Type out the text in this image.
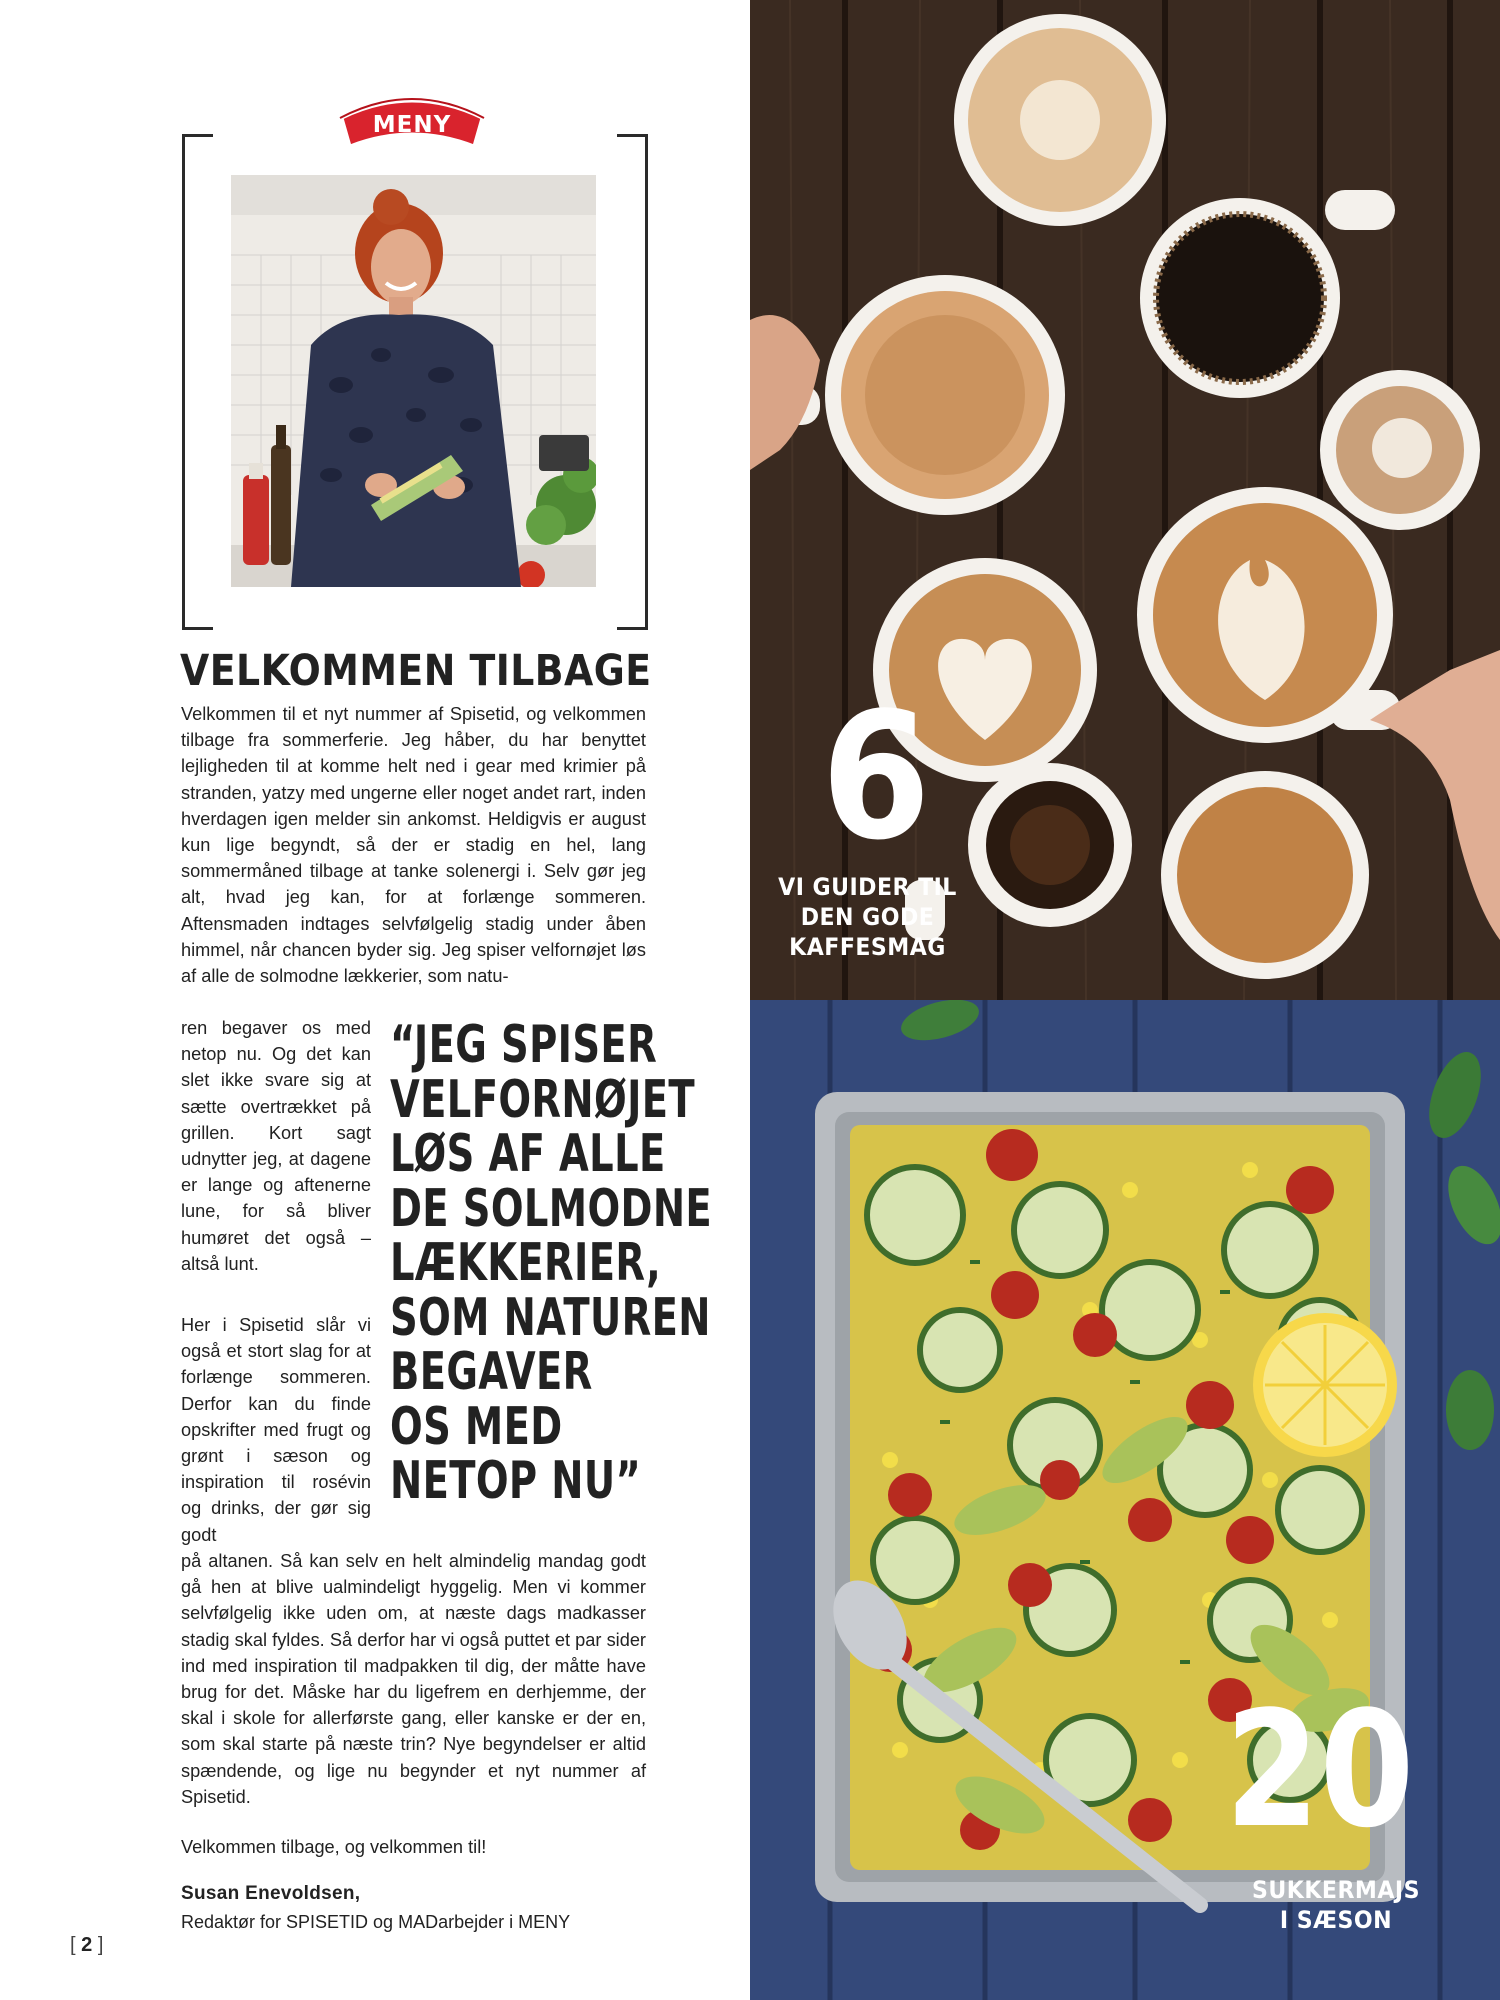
MENY
VELKOMMEN TILBAGE

Velkommen til et nyt nummer af Spisetid, og velkommen tilbage fra sommerferie. Jeg håber, du har benyttet lejligheden til at komme helt ned i gear med krimier på stranden, yatzy med ungerne eller noget andet rart, inden hverdagen igen melder sin ankomst. Heldigvis er august kun lige begyndt, så der er stadig en hel, lang sommermåned tilbage at tanke solenergi i. Selv gør jeg alt, hvad jeg kan, for at forlænge sommeren. Aftensmaden indtages selvfølgelig stadig under åben himmel, når chancen byder sig. Jeg spiser velfornøjet løs af alle de solmodne lækkerier, som natu-

ren begaver os med netop nu. Og det kan slet ikke svare sig at sætte overtrækket på grillen. Kort sagt udnytter jeg, at dagene er lange og aftenerne lune, for så bliver humøret det også – altså lunt.

Her i Spisetid slår vi også et stort slag for at forlænge sommeren. Derfor kan du finde opskrifter med frugt og grønt i sæson og inspiration til rosévin og drinks, der gør sig godt

på altanen. Så kan selv en helt almindelig mandag godt gå hen at blive ualmindeligt hyggelig. Men vi kommer selvfølgelig ikke uden om, at næste dags madkasser stadig skal fyldes. Så derfor har vi også puttet et par sider ind med inspiration til madpakken til dig, der måtte have brug for det. Måske har du ligefrem en derhjemme, der skal i skole for allerførste gang, eller kanske er der en, som skal starte på næste trin? Nye begyndelser er altid spændende, og lige nu begynder et nyt nummer af Spisetid.

Velkommen tilbage, og velkommen til!

“JEG SPISER
VELFORNØJET
LØS AF ALLE
DE SOLMODNE
LÆKKERIER,
SOM NATUREN
BEGAVER
OS MED
NETOP NU”
Susan Enevoldsen,
Redaktør for SPISETID og MADarbejder i MENY
[ 2 ]
6
VI GUIDER TIL
DEN GODE
KAFFESMAG
20
SUKKERMAJS
I SÆSON
